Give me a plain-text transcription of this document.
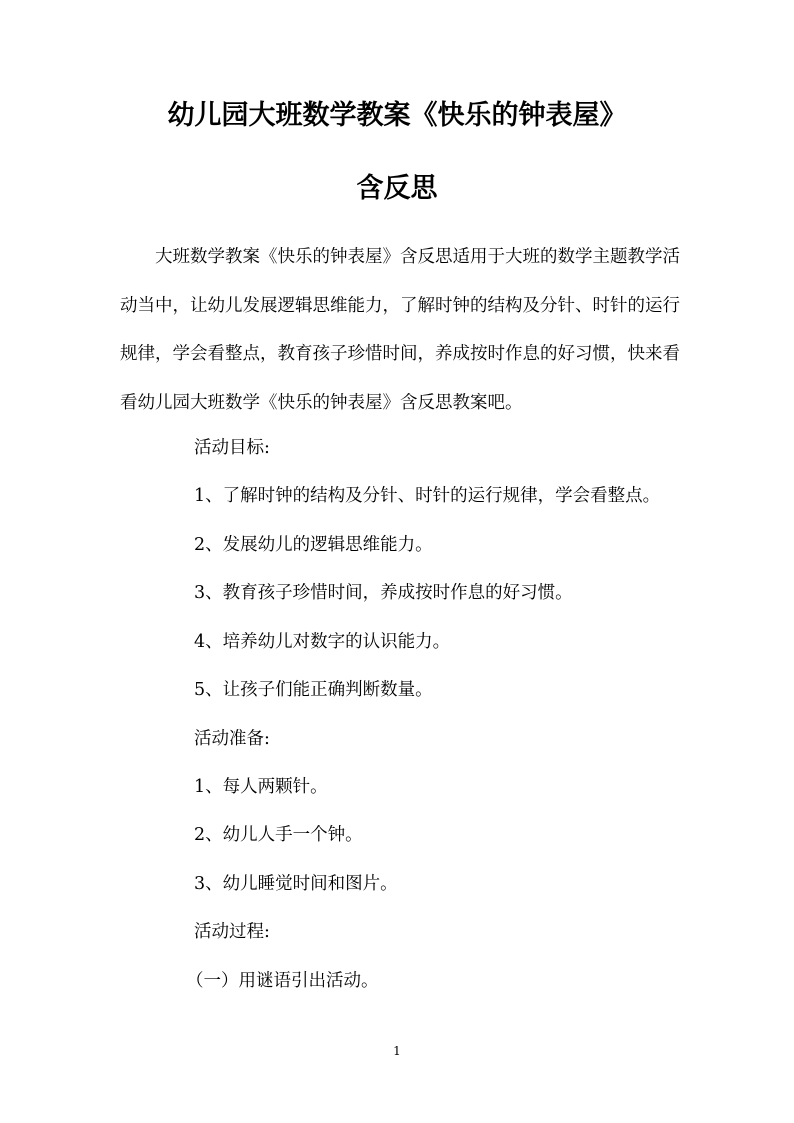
幼儿园大班数学教案《快乐的钟表屋》
含反思

大班数学教案《快乐的钟表屋》含反思适用于大班的数学主题教学活动当中，让幼儿发展逻辑思维能力，了解时钟的结构及分针、时针的运行规律，学会看整点，教育孩子珍惜时间，养成按时作息的好习惯，快来看看幼儿园大班数学《快乐的钟表屋》含反思教案吧。

活动目标:

1、了解时钟的结构及分针、时针的运行规律，学会看整点。

2、发展幼儿的逻辑思维能力。

3、教育孩子珍惜时间，养成按时作息的好习惯。

4、培养幼儿对数字的认识能力。

5、让孩子们能正确判断数量。

活动准备:

1、每人两颗针。

2、幼儿人手一个钟。

3、幼儿睡觉时间和图片。

活动过程:

（一）用谜语引出活动。

1
